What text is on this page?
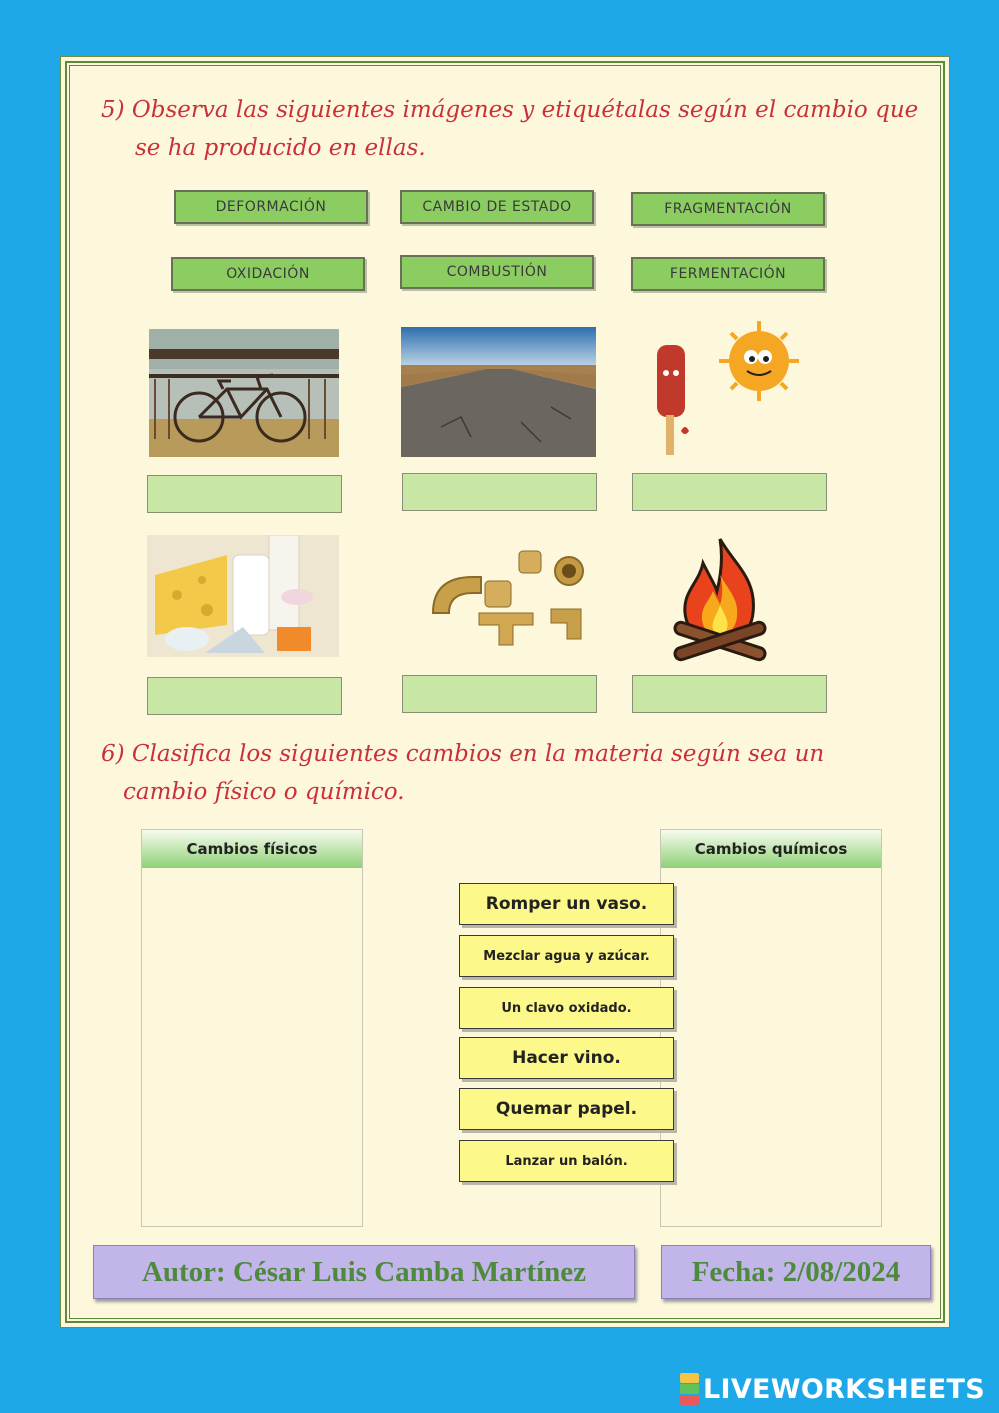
5) Observa las siguientes imágenes y etiquétalas según el cambio que

se ha producido en ellas.

DEFORMACIÓN	CAMBIO DE ESTADO	FRAGMENTACIÓN
OXIDACIÓN	COMBUSTIÓN	FERMENTACIÓN

6) Clasifica los siguientes cambios en la materia según sea un

cambio físico o químico.

Cambios físicos	Cambios químicos
Romper un vaso.
Mezclar agua y azúcar.
Un clavo oxidado.
Hacer vino.
Quemar papel.
Lanzar un balón.
Autor: César Luis Camba Martínez	Fecha: 2/08/2024
LIVEWORKSHEETS
